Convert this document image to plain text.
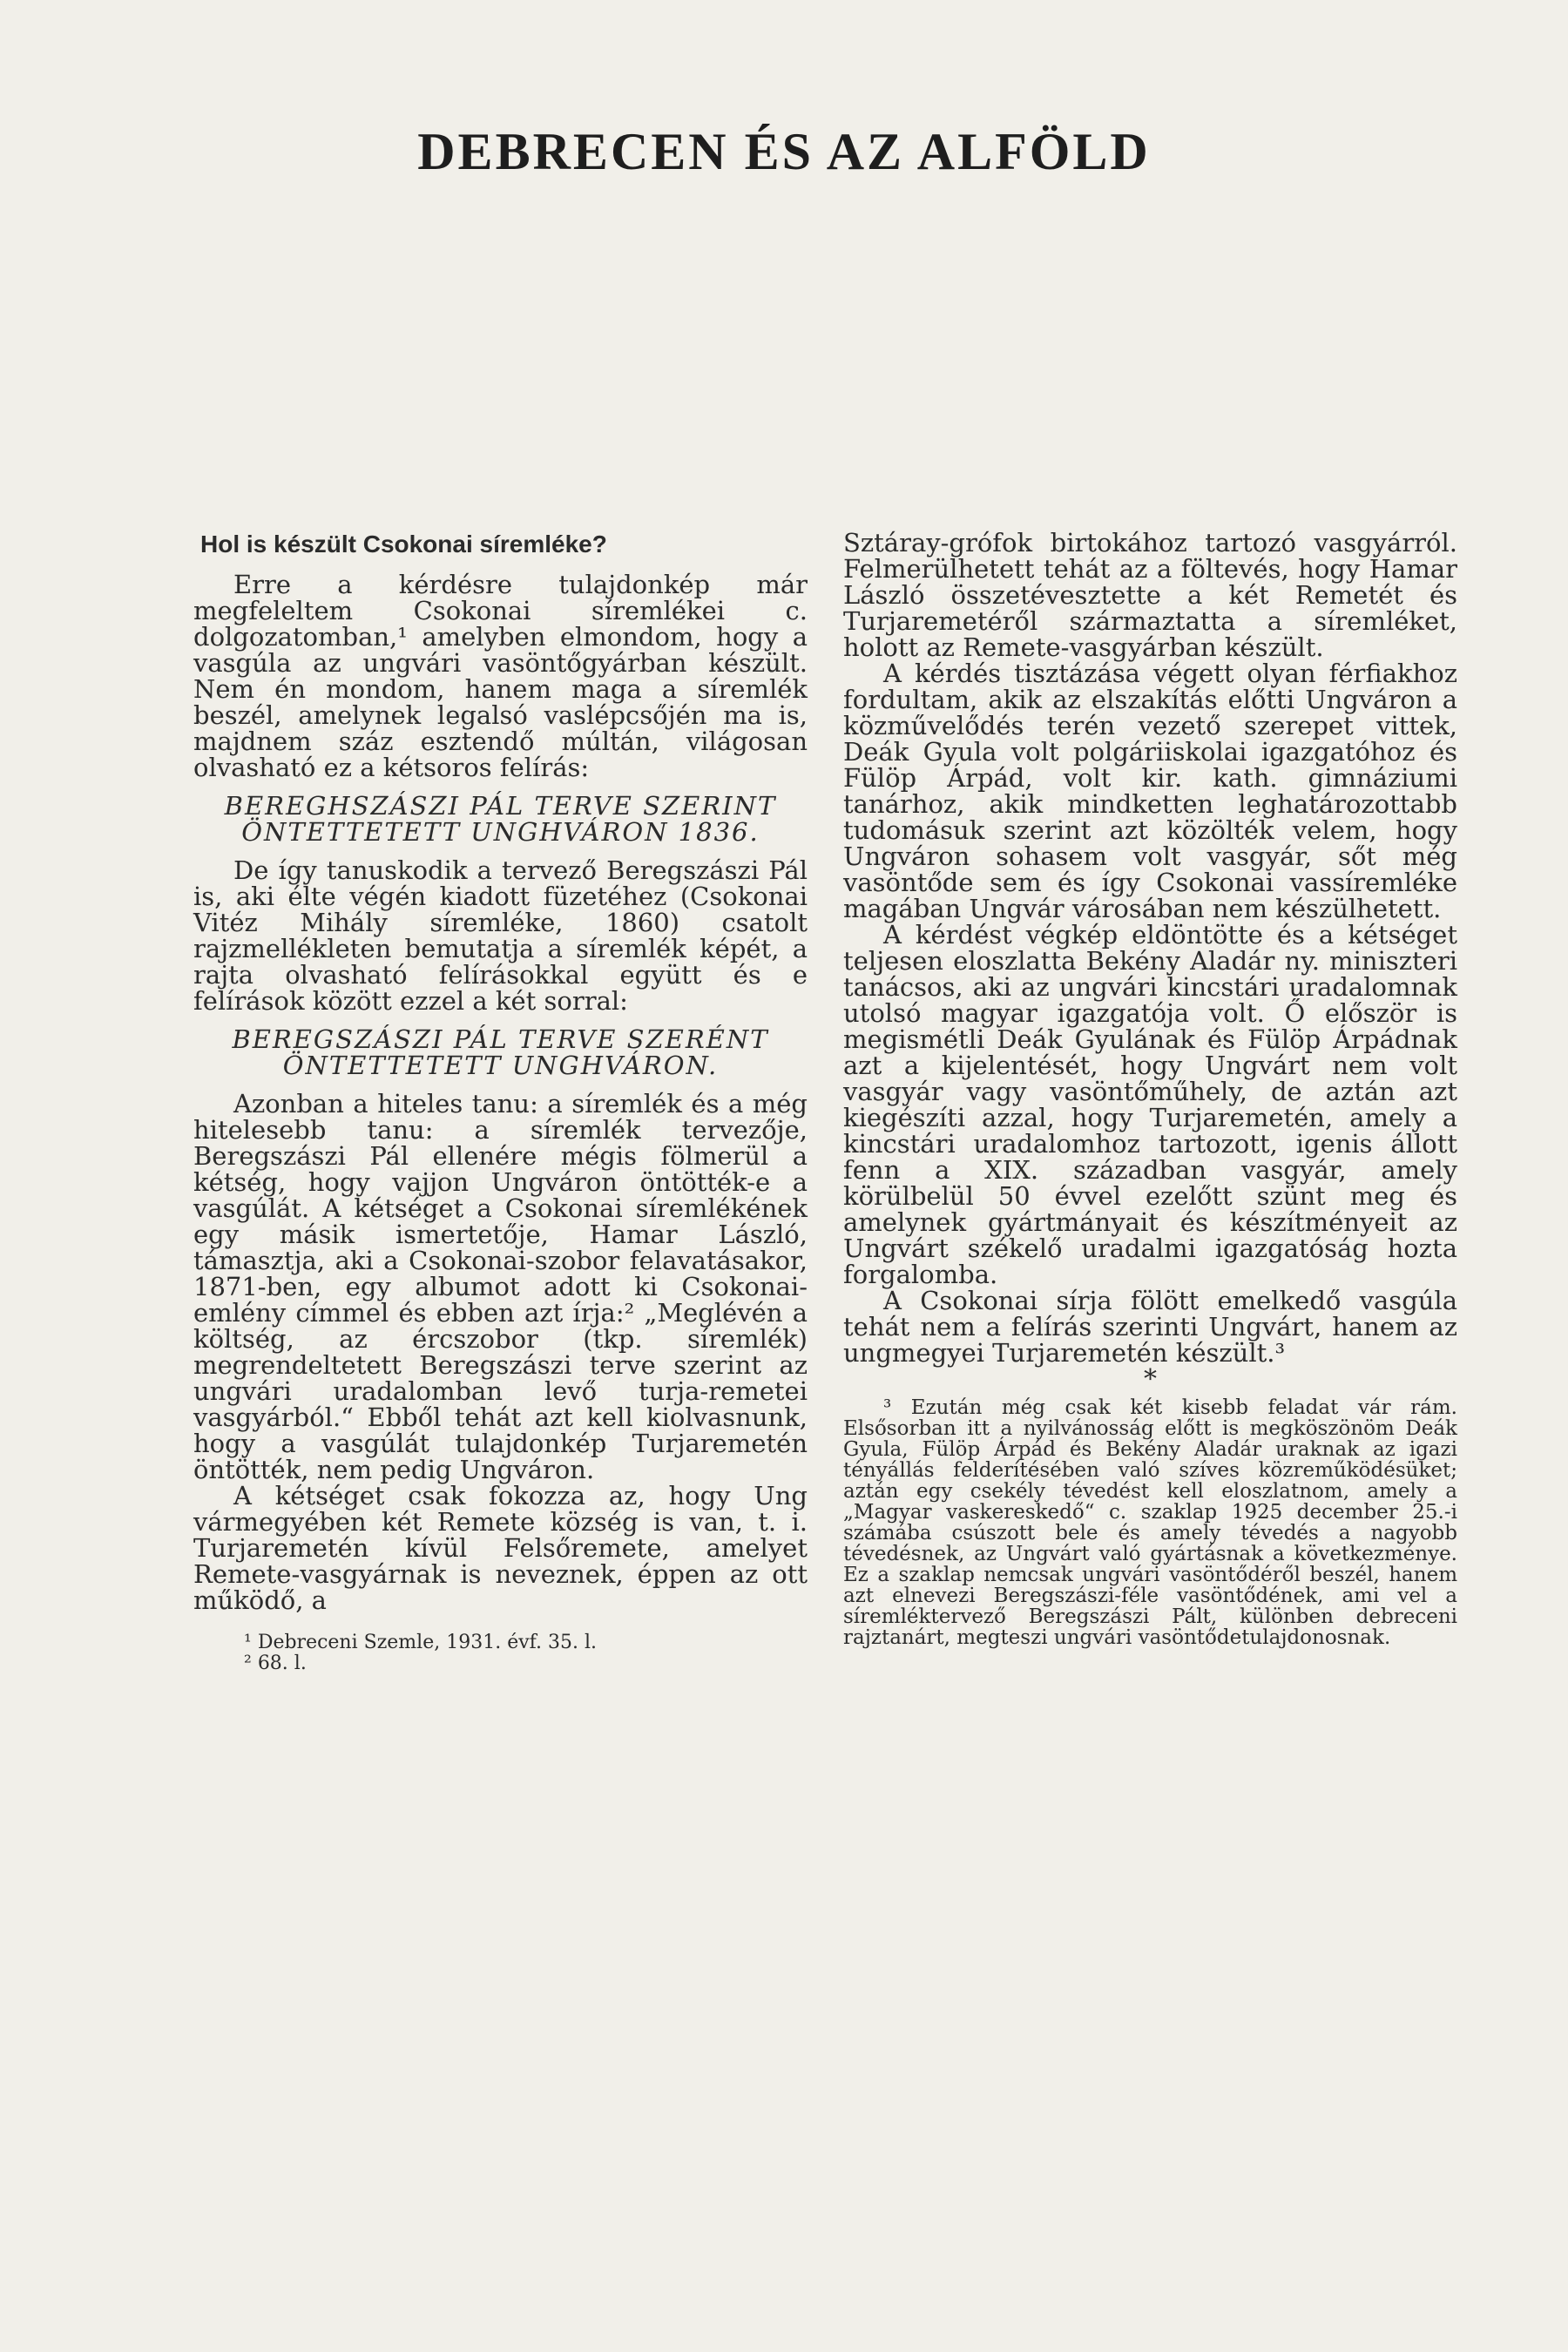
DEBRECEN ÉS AZ ALFÖLD
Hol is készült Csokonai síremléke?

Erre a kérdésre tulajdonkép már megfeleltem Csokonai síremlékei c. dolgozatomban,¹ amelyben elmondom, hogy a vasgúla az ungvári vasöntőgyárban készült. Nem én mondom, hanem maga a síremlék beszél, amelynek legalsó vaslépcsőjén ma is, majdnem száz esztendő múltán, világosan olvasható ez a kétsoros felírás:

BEREGHSZÁSZI PÁL TERVE SZERINT ÖNTETTETETT UNGHVÁRON 1836.

De így tanuskodik a tervező Beregszászi Pál is, aki élte végén kiadott füzetéhez (Csokonai Vitéz Mihály síremléke, 1860) csatolt rajzmellékleten bemutatja a síremlék képét, a rajta olvasható felírásokkal együtt és e felírások között ezzel a két sorral:

BEREGSZÁSZI PÁL TERVE SZERÉNT ÖNTETTETETT UNGHVÁRON.

Azonban a hiteles tanu: a síremlék és a még hitelesebb tanu: a síremlék tervezője, Beregszászi Pál ellenére mégis fölmerül a kétség, hogy vajjon Ungváron öntötték-e a vasgúlát. A kétséget a Csokonai síremlékének egy másik ismertetője, Hamar László, támasztja, aki a Csokonai-szobor felavatásakor, 1871-ben, egy albumot adott ki Csokonai-emlény címmel és ebben azt írja:² „Meglévén a költség, az ércszobor (tkp. síremlék) megrendeltetett Beregszászi terve szerint az ungvári uradalomban levő turja-remetei vasgyárból.“ Ebből tehát azt kell kiolvasnunk, hogy a vasgúlát tulajdonkép Turjaremetén öntötték, nem pedig Ungváron.

A kétséget csak fokozza az, hogy Ung vármegyében két Remete község is van, t. i. Turjaremetén kívül Felsőremete, amelyet Remete-vasgyárnak is neveznek, éppen az ott működő, a

¹ Debreceni Szemle, 1931. évf. 35. l.
² 68. l.

Sztáray-grófok birtokához tartozó vasgyárról. Felmerülhetett tehát az a föltevés, hogy Hamar László összetévesztette a két Remetét és Turjaremetéről származtatta a síremléket, holott az Remete-vasgyárban készült.

A kérdés tisztázása végett olyan férfiakhoz fordultam, akik az elszakítás előtti Ungváron a közművelődés terén vezető szerepet vittek, Deák Gyula volt polgáriiskolai igazgatóhoz és Fülöp Árpád, volt kir. kath. gimnáziumi tanárhoz, akik mindketten leghatározottabb tudomásuk szerint azt közölték velem, hogy Ungváron sohasem volt vasgyár, sőt még vasöntőde sem és így Csokonai vassíremléke magában Ungvár városában nem készülhetett.

A kérdést végkép eldöntötte és a kétséget teljesen eloszlatta Bekény Aladár ny. miniszteri tanácsos, aki az ungvári kincstári uradalomnak utolsó magyar igazgatója volt. Ő először is megismétli Deák Gyulának és Fülöp Árpádnak azt a kijelentését, hogy Ungvárt nem volt vasgyár vagy vasöntőműhely, de aztán azt kiegészíti azzal, hogy Turjaremetén, amely a kincstári uradalomhoz tartozott, igenis állott fenn a XIX. században vasgyár, amely körülbelül 50 évvel ezelőtt szünt meg és amelynek gyártmányait és készítményeit az Ungvárt székelő uradalmi igazgatóság hozta forgalomba.

A Csokonai sírja fölött emelkedő vasgúla tehát nem a felírás szerinti Ungvárt, hanem az ungmegyei Turjaremetén készült.³

*

³ Ezután még csak két kisebb feladat vár rám. Elsősorban itt a nyilvánosság előtt is megköszönöm Deák Gyula, Fülöp Árpád és Bekény Aladár uraknak az igazi tényállás felderítésében való szíves közreműködésüket; aztán egy csekély tévedést kell eloszlatnom, amely a „Magyar vaskereskedő“ c. szaklap 1925 december 25.-i számába csúszott bele és amely tévedés a nagyobb tévedésnek, az Ungvárt való gyártásnak a következménye. Ez a szaklap nemcsak ungvári vasöntődéről beszél, hanem azt elnevezi Beregszászi-féle vasöntődének, ami vel a síremléktervező Beregszászi Pált, különben debreceni rajztanárt, megteszi ungvári vasöntődetulajdonosnak.
